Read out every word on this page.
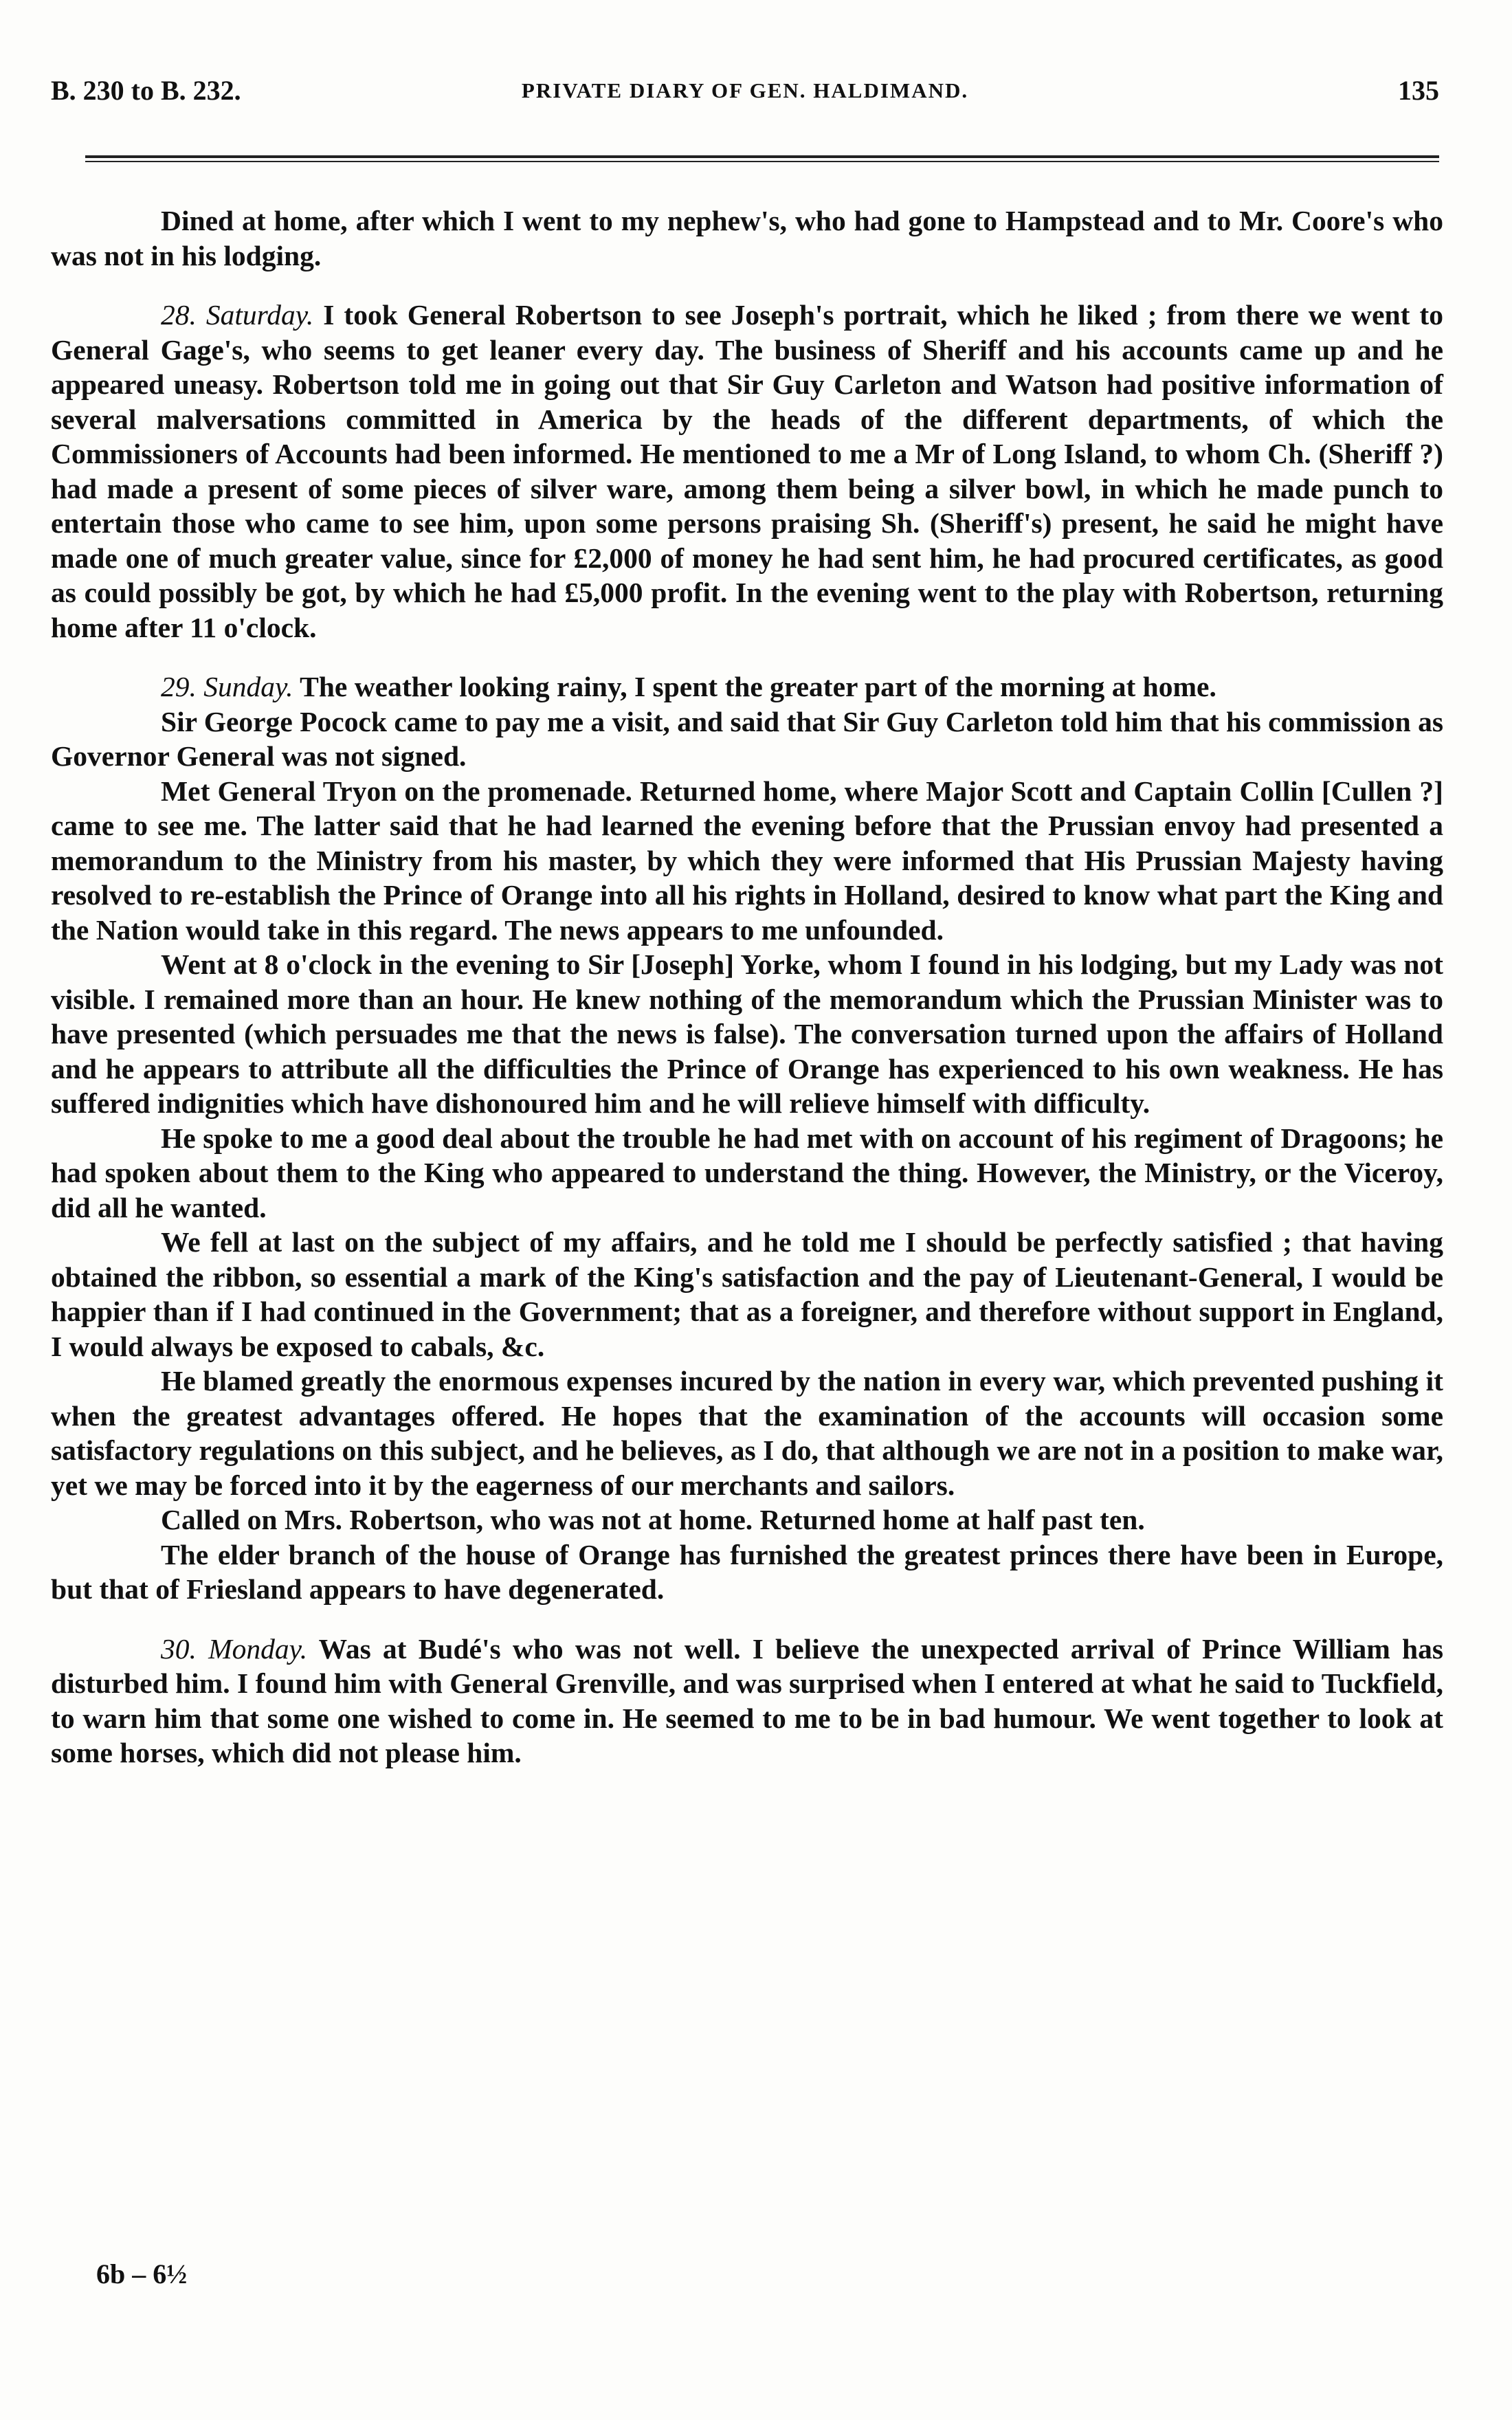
B. 230 to B. 232.	PRIVATE DIARY OF GEN. HALDIMAND.	135

Dined at home, after which I went to my nephew's, who had gone to Hampstead and to Mr. Coore's who was not in his lodging.

28. Saturday. I took General Robertson to see Joseph's portrait, which he liked ; from there we went to General Gage's, who seems to get leaner every day. The business of Sheriff and his accounts came up and he appeared uneasy. Robertson told me in going out that Sir Guy Carleton and Watson had positive information of several malversations committed in America by the heads of the different departments, of which the Commissioners of Accounts had been informed. He mentioned to me a Mr of Long Island, to whom Ch. (Sheriff ?) had made a present of some pieces of silver ware, among them being a silver bowl, in which he made punch to entertain those who came to see him, upon some persons praising Sh. (Sheriff's) present, he said he might have made one of much greater value, since for £2,000 of money he had sent him, he had procured certificates, as good as could possibly be got, by which he had £5,000 profit. In the evening went to the play with Robertson, returning home after 11 o'clock.

29. Sunday. The weather looking rainy, I spent the greater part of the morning at home.

Sir George Pocock came to pay me a visit, and said that Sir Guy Carleton told him that his commission as Governor General was not signed.

Met General Tryon on the promenade. Returned home, where Major Scott and Captain Collin [Cullen ?] came to see me. The latter said that he had learned the evening before that the Prussian envoy had presented a memorandum to the Ministry from his master, by which they were informed that His Prussian Majesty having resolved to re-establish the Prince of Orange into all his rights in Holland, desired to know what part the King and the Nation would take in this regard. The news appears to me unfounded.

Went at 8 o'clock in the evening to Sir [Joseph] Yorke, whom I found in his lodging, but my Lady was not visible. I remained more than an hour. He knew nothing of the memorandum which the Prussian Minister was to have presented (which persuades me that the news is false). The conversation turned upon the affairs of Holland and he appears to attribute all the difficulties the Prince of Orange has experienced to his own weakness. He has suffered indignities which have dishonoured him and he will relieve himself with difficulty.

He spoke to me a good deal about the trouble he had met with on account of his regiment of Dragoons; he had spoken about them to the King who appeared to understand the thing. However, the Ministry, or the Viceroy, did all he wanted.

We fell at last on the subject of my affairs, and he told me I should be perfectly satisfied ; that having obtained the ribbon, so essential a mark of the King's satisfaction and the pay of Lieutenant-General, I would be happier than if I had continued in the Government; that as a foreigner, and therefore without support in England, I would always be exposed to cabals, &c.

He blamed greatly the enormous expenses incured by the nation in every war, which prevented pushing it when the greatest advantages offered. He hopes that the examination of the accounts will occasion some satisfactory regulations on this subject, and he believes, as I do, that although we are not in a position to make war, yet we may be forced into it by the eagerness of our merchants and sailors.

Called on Mrs. Robertson, who was not at home. Returned home at half past ten.

The elder branch of the house of Orange has furnished the greatest princes there have been in Europe, but that of Friesland appears to have degenerated.

30. Monday. Was at Budé's who was not well. I believe the unexpected arrival of Prince William has disturbed him. I found him with General Grenville, and was surprised when I entered at what he said to Tuckfield, to warn him that some one wished to come in. He seemed to me to be in bad humour. We went together to look at some horses, which did not please him.

6b – 6½
